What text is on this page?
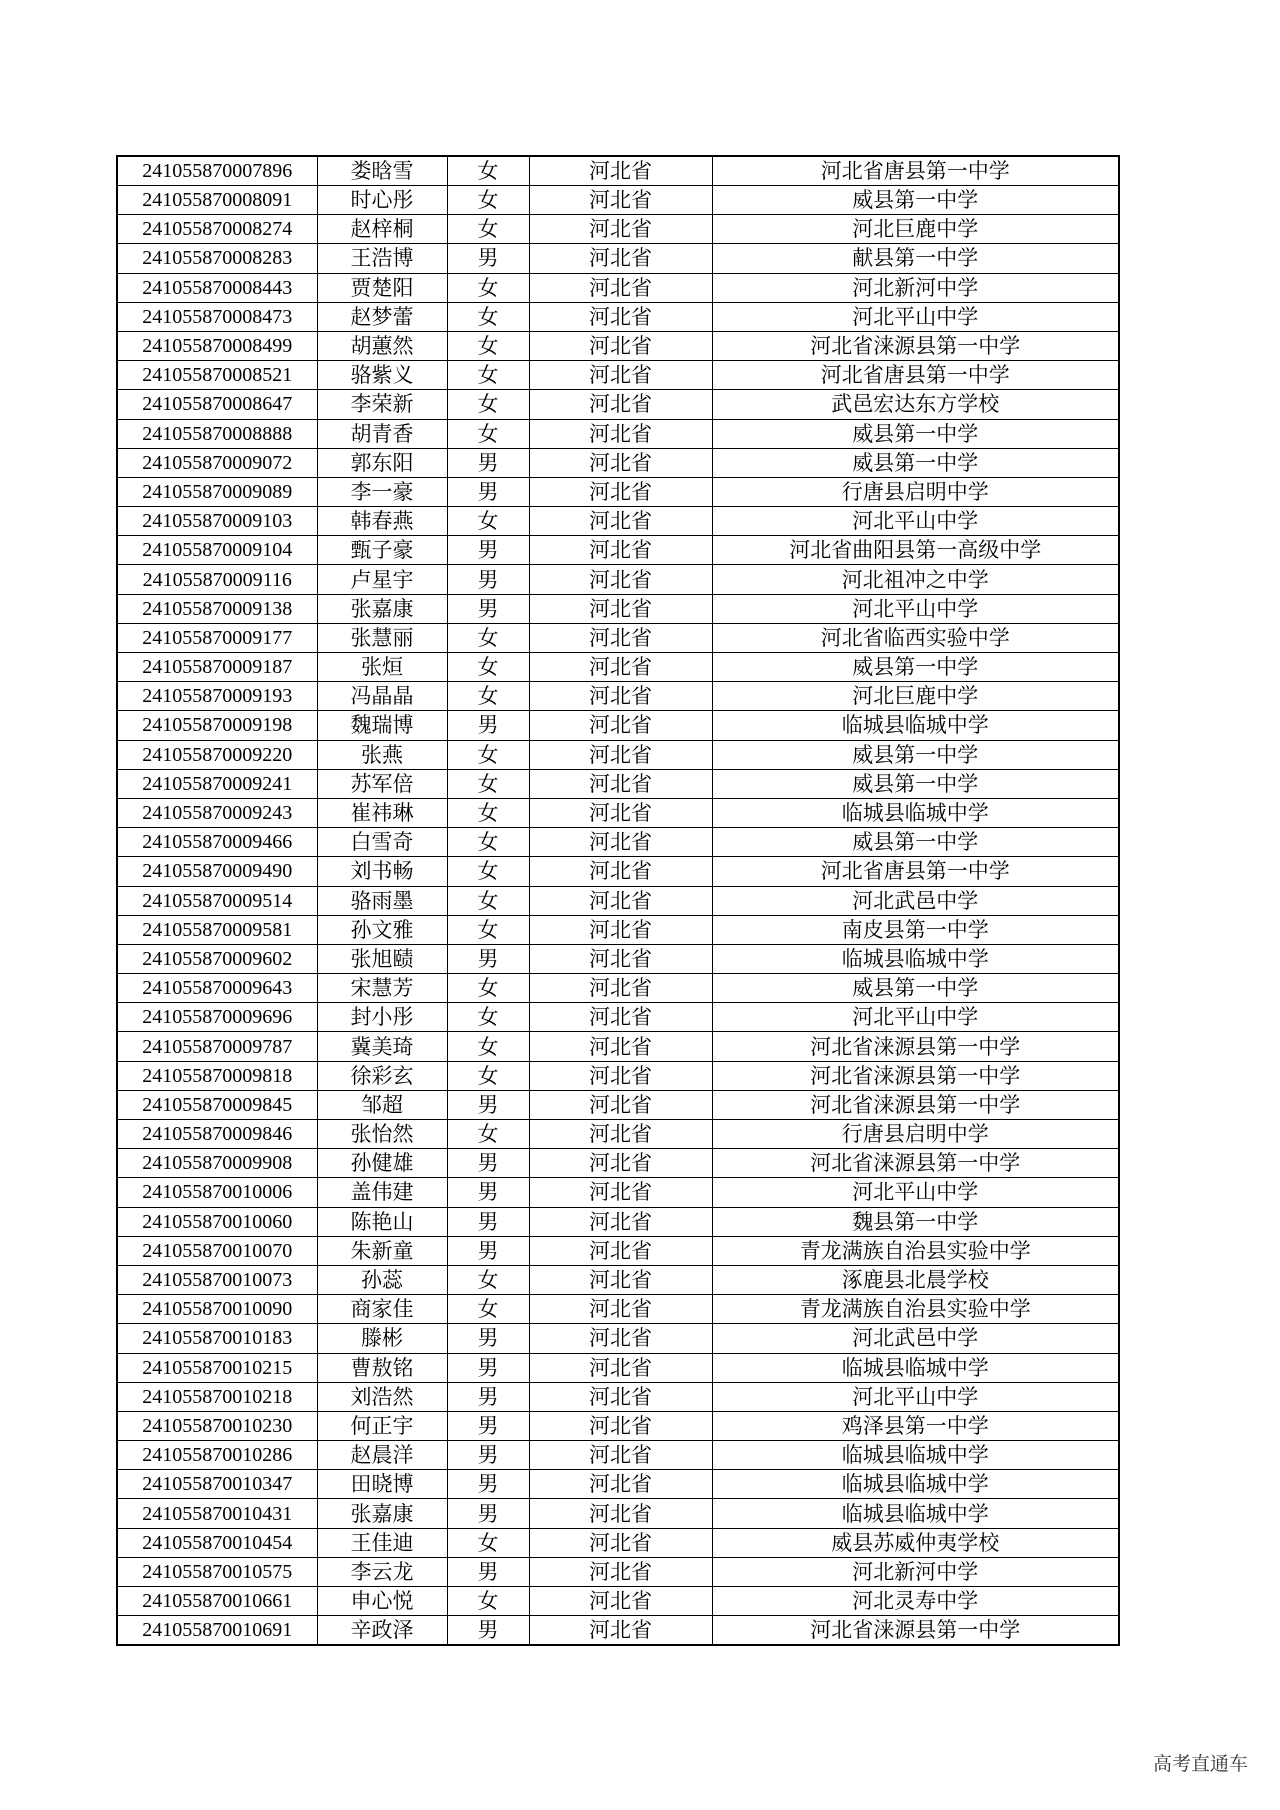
241055870007896	娄晗雪	女	河北省	河北省唐县第一中学
241055870008091	时心彤	女	河北省	威县第一中学
241055870008274	赵梓桐	女	河北省	河北巨鹿中学
241055870008283	王浩博	男	河北省	献县第一中学
241055870008443	贾楚阳	女	河北省	河北新河中学
241055870008473	赵梦蕾	女	河北省	河北平山中学
241055870008499	胡蕙然	女	河北省	河北省涞源县第一中学
241055870008521	骆紫义	女	河北省	河北省唐县第一中学
241055870008647	李荣新	女	河北省	武邑宏达东方学校
241055870008888	胡青香	女	河北省	威县第一中学
241055870009072	郭东阳	男	河北省	威县第一中学
241055870009089	李一豪	男	河北省	行唐县启明中学
241055870009103	韩春燕	女	河北省	河北平山中学
241055870009104	甄子豪	男	河北省	河北省曲阳县第一高级中学
241055870009116	卢星宇	男	河北省	河北祖冲之中学
241055870009138	张嘉康	男	河北省	河北平山中学
241055870009177	张慧丽	女	河北省	河北省临西实验中学
241055870009187	张烜	女	河北省	威县第一中学
241055870009193	冯晶晶	女	河北省	河北巨鹿中学
241055870009198	魏瑞博	男	河北省	临城县临城中学
241055870009220	张燕	女	河北省	威县第一中学
241055870009241	苏军倍	女	河北省	威县第一中学
241055870009243	崔祎琳	女	河北省	临城县临城中学
241055870009466	白雪奇	女	河北省	威县第一中学
241055870009490	刘书畅	女	河北省	河北省唐县第一中学
241055870009514	骆雨墨	女	河北省	河北武邑中学
241055870009581	孙文雅	女	河北省	南皮县第一中学
241055870009602	张旭赜	男	河北省	临城县临城中学
241055870009643	宋慧芳	女	河北省	威县第一中学
241055870009696	封小彤	女	河北省	河北平山中学
241055870009787	冀美琦	女	河北省	河北省涞源县第一中学
241055870009818	徐彩玄	女	河北省	河北省涞源县第一中学
241055870009845	邹超	男	河北省	河北省涞源县第一中学
241055870009846	张怡然	女	河北省	行唐县启明中学
241055870009908	孙健雄	男	河北省	河北省涞源县第一中学
241055870010006	盖伟建	男	河北省	河北平山中学
241055870010060	陈艳山	男	河北省	魏县第一中学
241055870010070	朱新童	男	河北省	青龙满族自治县实验中学
241055870010073	孙蕊	女	河北省	涿鹿县北晨学校
241055870010090	商家佳	女	河北省	青龙满族自治县实验中学
241055870010183	滕彬	男	河北省	河北武邑中学
241055870010215	曹敖铭	男	河北省	临城县临城中学
241055870010218	刘浩然	男	河北省	河北平山中学
241055870010230	何正宇	男	河北省	鸡泽县第一中学
241055870010286	赵晨洋	男	河北省	临城县临城中学
241055870010347	田晓博	男	河北省	临城县临城中学
241055870010431	张嘉康	男	河北省	临城县临城中学
241055870010454	王佳迪	女	河北省	威县苏威仲夷学校
241055870010575	李云龙	男	河北省	河北新河中学
241055870010661	申心悦	女	河北省	河北灵寿中学
241055870010691	辛政泽	男	河北省	河北省涞源县第一中学
高考直通车
